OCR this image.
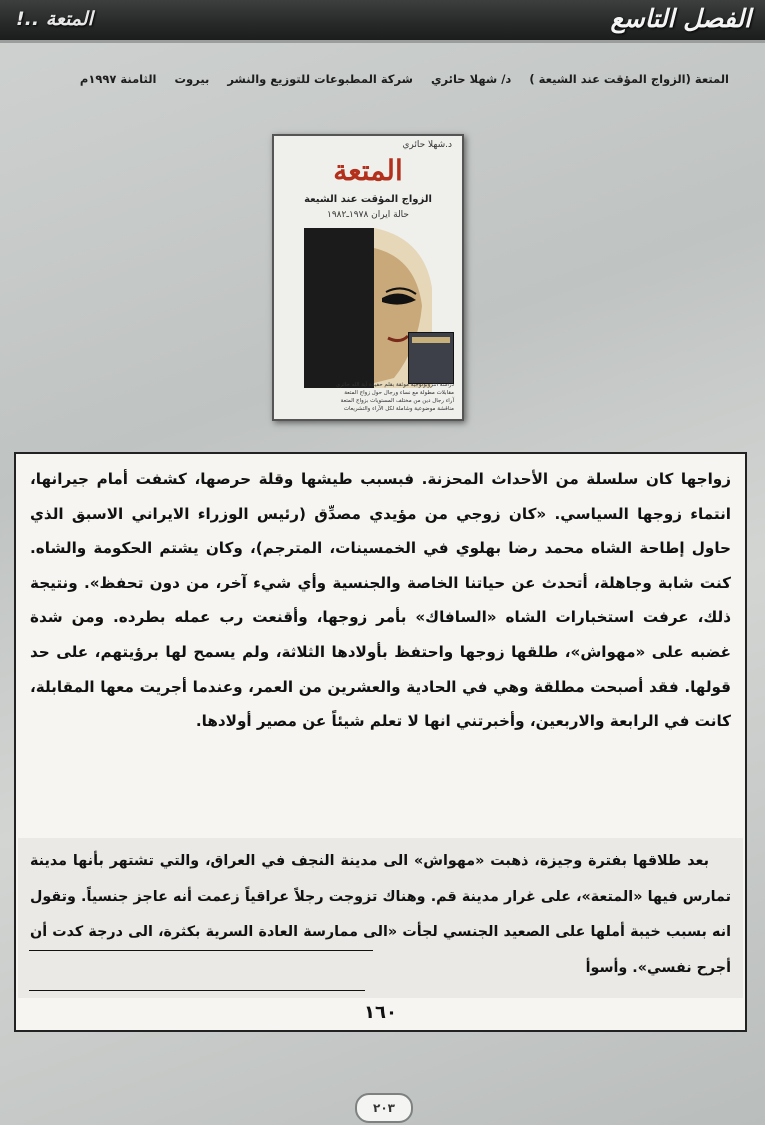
الفصل التاسع
المتعة ..!
المتعة (الزواج المؤقت عند الشيعة )
د/ شهلا حائري
شركة المطبوعات للتوزيع والنشر
بيروت
الثامنة ١٩٩٧م
د.شهلا حائري
المتعة
الزواج المؤقت عند الشيعة
حالة ايران ١٩٧٨ـ١٩٨٢
دراسة انثروبولوجية موثقة بقلم حفيدة آية الله حائري
مقابلات مطولة مع نساء ورجال حول زواج المتعة
آراء رجال دين من مختلف المستويات بزواج المتعة
مناقشة موضوعية وشاملة لكل الآراء والتشريعات

زواجها كان سلسلة من الأحداث المحزنة. فبسبب طيشها وقلة حرصها، كشفت أمام جيرانها، انتماء زوجها السياسي. «كان زوجي من مؤيدي مصدِّق (رئيس الوزراء الايراني الاسبق الذي حاول إطاحة الشاه محمد رضا بهلوي في الخمسينات، المترجم)، وكان يشتم الحكومة والشاه. كنت شابة وجاهلة، أتحدث عن حياتنا الخاصة والجنسية وأي شيء آخر، من دون تحفظ». ونتيجة ذلك، عرفت استخبارات الشاه «السافاك» بأمر زوجها، وأقنعت رب عمله بطرده. ومن شدة غضبه على «مهواش»، طلقها زوجها واحتفظ بأولادها الثلاثة، ولم يسمح لها برؤيتهم، على حد قولها. فقد أصبحت مطلقة وهي في الحادية والعشرين من العمر، وعندما أجريت معها المقابلة، كانت في الرابعة والاربعين، وأخبرتني انها لا تعلم شيئاً عن مصير أولادها.

بعد طلاقها بفترة وجيزة، ذهبت «مهواش» الى مدينة النجف في العراق، والتي تشتهر بأنها مدينة تمارس فيها «المتعة»، على غرار مدينة قم. وهناك تزوجت رجلاً عراقياً زعمت أنه عاجز جنسياً. وتقول انه بسبب خيبة أملها على الصعيد الجنسي لجأت «الى ممارسة العادة السرية بكثرة، الى درجة كدت أن أجرح نفسي». وأسوأ

١٦٠
٢٠٣
